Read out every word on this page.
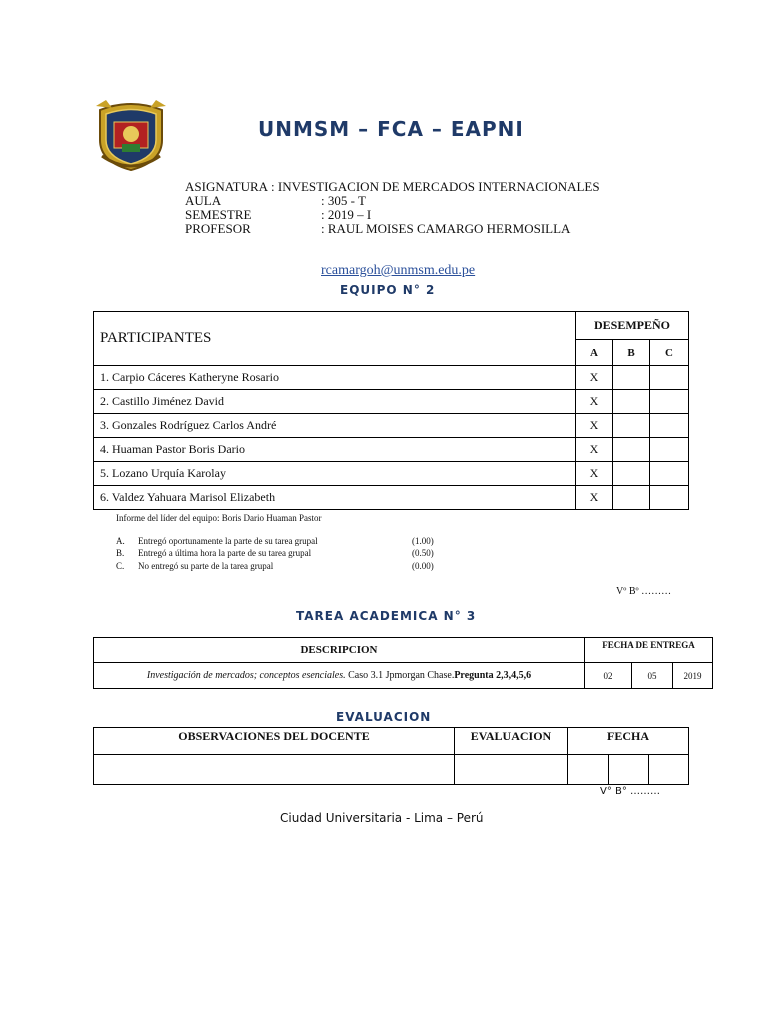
UNMSM – FCA – EAPNI
ASIGNATURA : INVESTIGACION DE MERCADOS INTERNACIONALES
AULA	: 305 - T
SEMESTRE	: 2019 – I
PROFESOR	: RAUL MOISES CAMARGO HERMOSILLA
rcamargoh@unmsm.edu.pe
EQUIPO N° 2
PARTICIPANTES	DESEMPEÑO		
	A	B	C
1. Carpio Cáceres Katheryne Rosario	X		
2. Castillo Jiménez David	X		
3. Gonzales Rodríguez Carlos André	X		
4. Huaman Pastor Boris Dario	X		
5. Lozano Urquía Karolay	X		
6. Valdez Yahuara Marisol Elizabeth	X		
Informe del líder del equipo: Boris Dario Huaman Pastor
A. Entregó oportunamente la parte de su tarea grupal	(1.00)
B. Entregó a última hora la parte de su tarea grupal	(0.50)
C. No entregó su parte de la tarea grupal	(0.00)
Vº Bº ………
TAREA ACADEMICA N° 3
DESCRIPCION	FECHA DE ENTREGA		
Investigación de mercados; conceptos esenciales. Caso 3.1 Jpmorgan Chase.Pregunta 2,3,4,5,6	02	05	2019
EVALUACION
OBSERVACIONES DEL DOCENTE	EVALUACION	FECHA		

V° B° ………
Ciudad Universitaria - Lima – Perú
